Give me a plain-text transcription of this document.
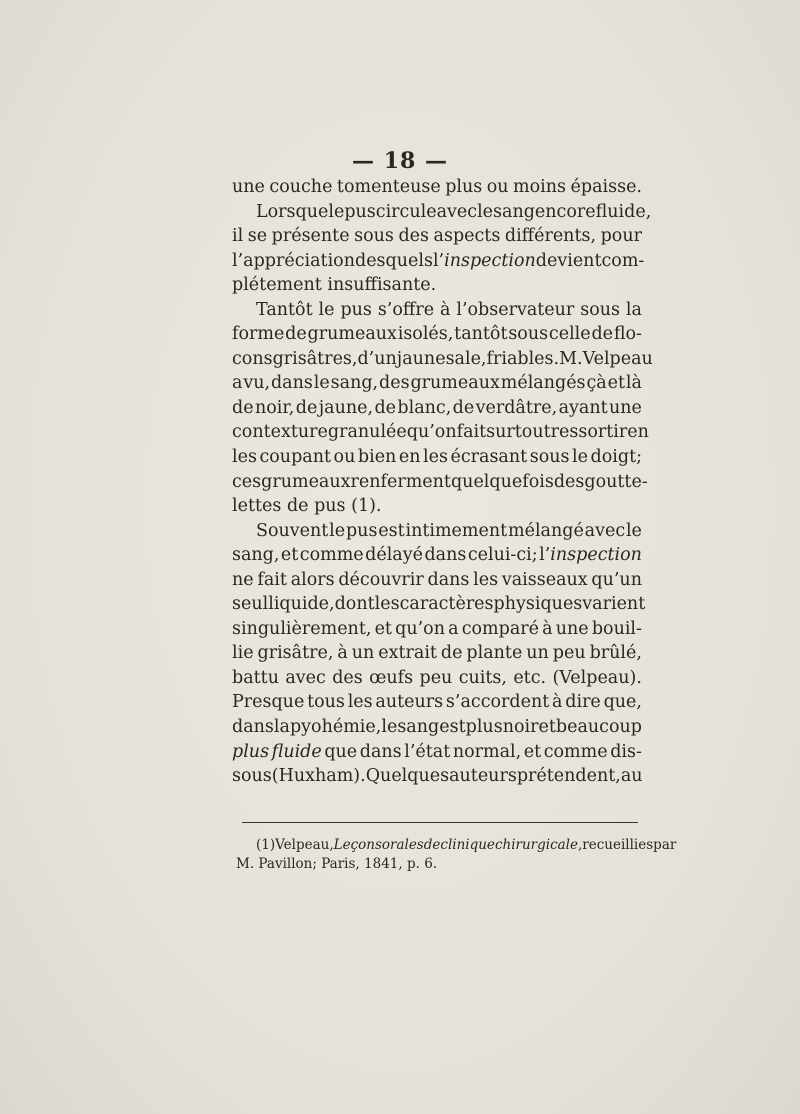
— 18 —
une couche tomenteuse plus ou moins épaisse.
Lorsque le pus circule avec le sang encore fluide,
il se présente sous des aspects différents, pour
l’appréciation desquels l’inspection devient com-
plétement
insuffisante.
Tantôt le pus s’offre à l’observateur sous la
forme de grumeaux isolés, tantôt sous celle de flo-
cons grisâtres, d’un jaune sale, friables. M. Velpeau
a vu, dans le sang, des grumeaux mélangés çà et là
de noir, de jaune, de blanc, de verdâtre, ayant une
contexture granulée qu’on fait surtout ressortir en
les coupant ou bien en les écrasant sous le doigt;
ces grumeaux renferment quelquefois des goutte-
lettes
de
pus
(1).
Souvent le pus est intimement mélangé avec le
sang, et comme délayé dans celui-ci; l’inspection
ne fait alors découvrir dans les vaisseaux qu’un
seul liquide, dont les caractères physiques varient
singulièrement, et qu’on a comparé à une bouil-
lie grisâtre, à un extrait de plante un peu brûlé,
battu avec des œufs peu cuits, etc. (Velpeau).
Presque tous les auteurs s’accordent à dire que,
dans la pyohémie, le sang est plus noir et beaucoup
plus fluide que dans l’état normal, et comme dis-
sous (Huxham). Quelques auteurs prétendent, au
(1) Velpeau, Leçons orales de clinique chirurgicale, recueillies par
M.
Pavillon;
Paris,
1841,
p.
6.
